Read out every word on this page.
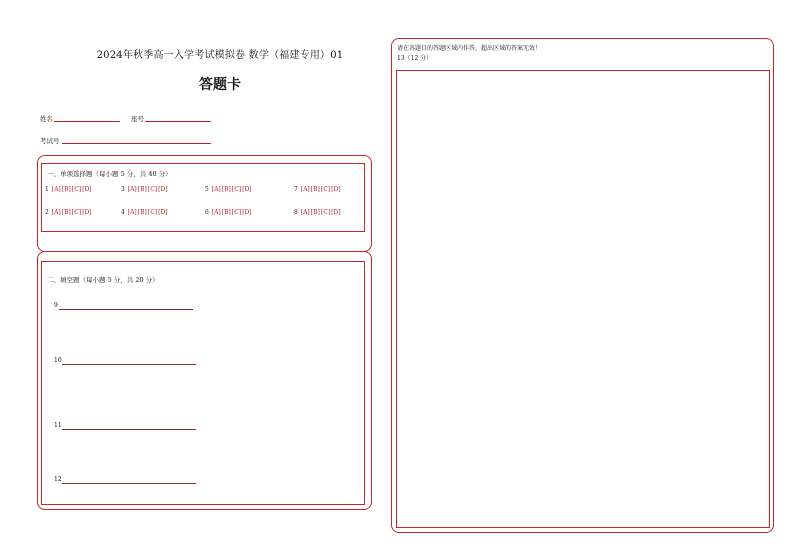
2024年秋季高一入学考试模拟卷 数学（福建专用）01
答题卡
姓名	座号
考试号
一、单项选择题（每小题 5 分，共 40 分）
1 [A][B][C][D]	3 [A][B][C][D]	5 [A][B][C][D]	7 [A][B][C][D]
2 [A][B][C][D]	4 [A][B][C][D]	6 [A][B][C][D]	8 [A][B][C][D]
二、填空题（每小题 5 分，共 20 分）
9
10
11
12
请在各题目的答题区域内作答，超出区域的答案无效！
13（12 分）
